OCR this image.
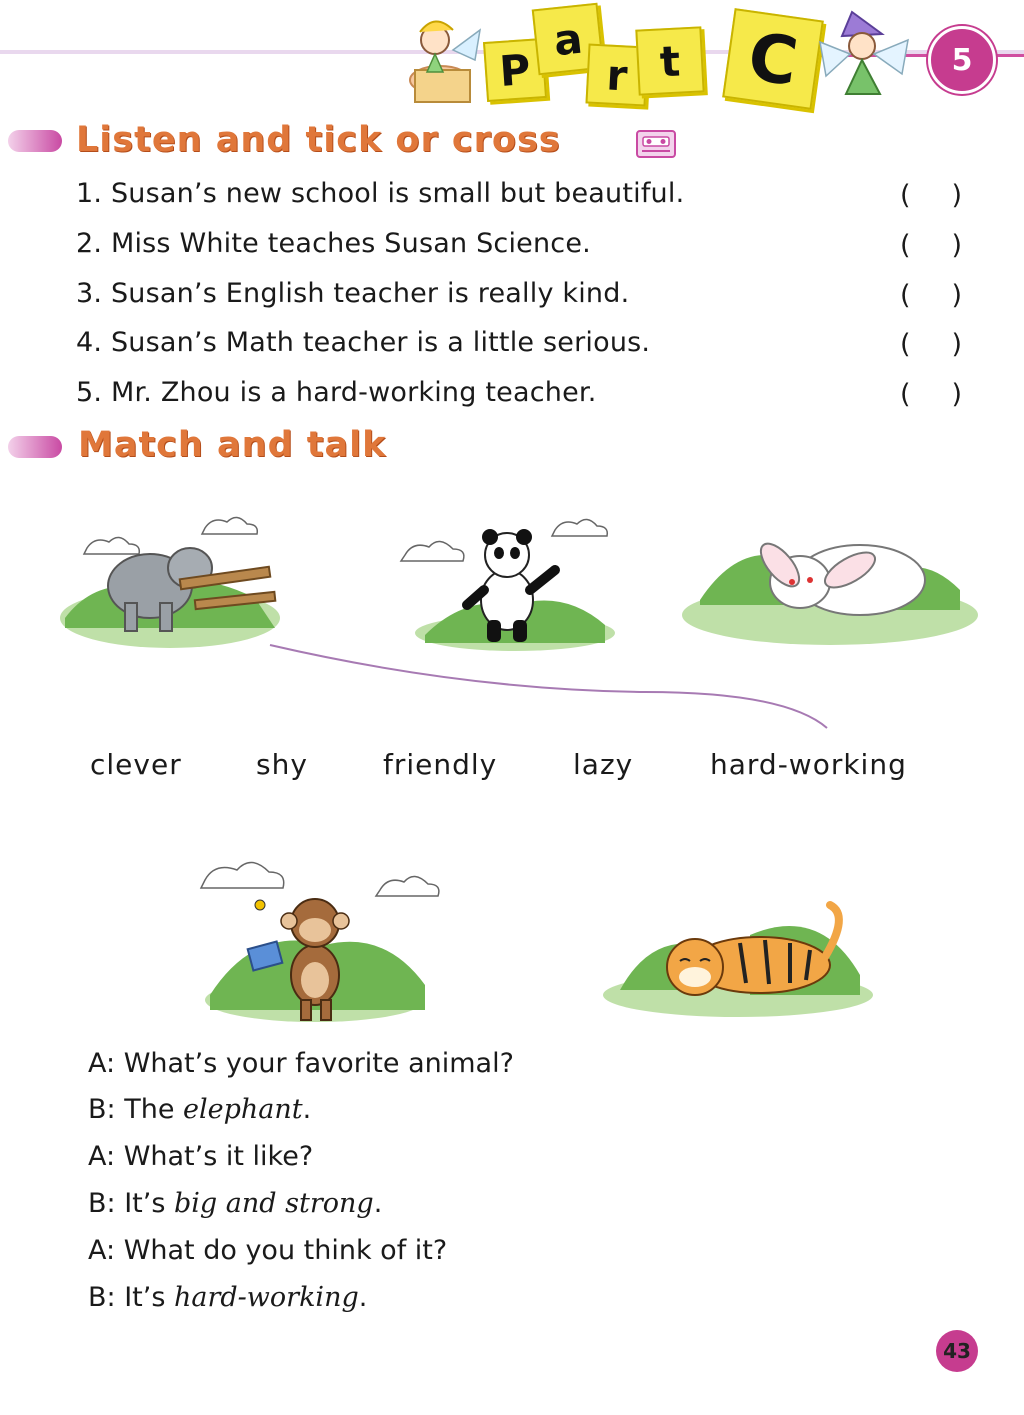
P
a
r t C	5
Listen and tick or cross
1. Susan’s new school is small but beautiful.	( )
2. Miss White teaches Susan Science.	( )
3. Susan’s English teacher is really kind.	( )
4. Susan’s Math teacher is a little serious.	( )
5. Mr. Zhou is a hard-working teacher.	( )
Match and talk
clever	shy	friendly	lazy	hard-working
A: What’s your favorite animal?
B: The elephant.
A: What’s it like?
B: It’s big and strong.
A: What do you think of it?
B: It’s hard-working.
43
